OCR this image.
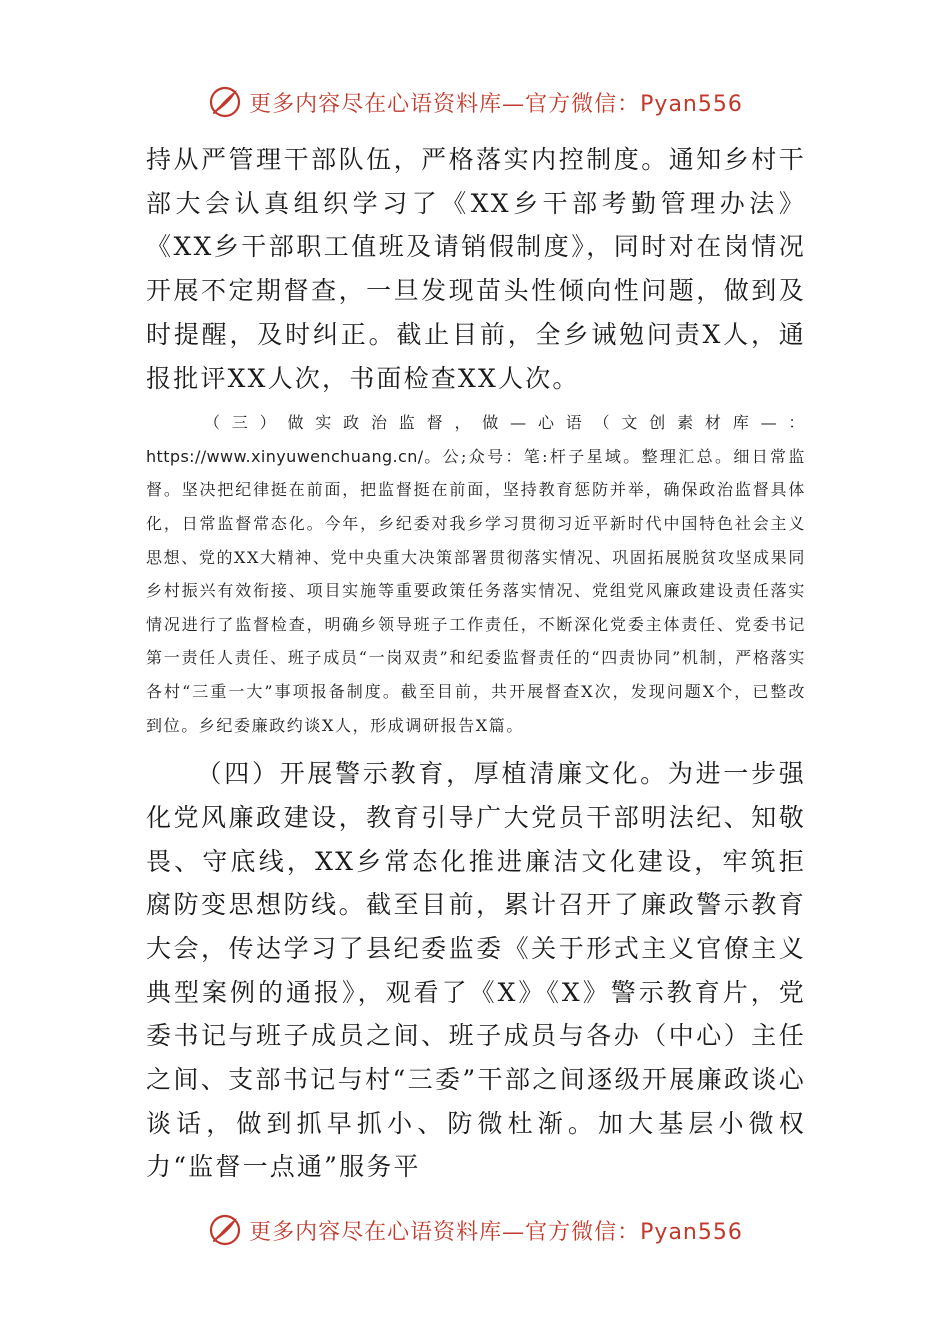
更多内容尽在心语资料库—官方微信：Pyan556

持从严管理干部队伍，严格落实内控制度。通知乡村干部大会认真组织学习了《XX乡干部考勤管理办法》《XX乡干部职工值班及请销假制度》，同时对在岗情况开展不定期督查，一旦发现苗头性倾向性问题，做到及时提醒，及时纠正。截止目前，全乡诫勉问责X人，通报批评XX人次，书面检查XX人次。

（三）做实政治监督，做—心语（文创素材库—：https://www.xinyuwenchuang.cn/。公;众号：笔:杆子星域。整理汇总。细日常监督。坚决把纪律挺在前面，把监督挺在前面，坚持教育惩防并举，确保政治监督具体化，日常监督常态化。今年，乡纪委对我乡学习贯彻习近平新时代中国特色社会主义思想、党的XX大精神、党中央重大决策部署贯彻落实情况、巩固拓展脱贫攻坚成果同乡村振兴有效衔接、项目实施等重要政策任务落实情况、党组党风廉政建设责任落实情况进行了监督检查，明确乡领导班子工作责任，不断深化党委主体责任、党委书记第一责任人责任、班子成员“一岗双责”和纪委监督责任的“四责协同”机制，严格落实各村“三重一大”事项报备制度。截至目前，共开展督查X次，发现问题X个，已整改到位。乡纪委廉政约谈X人，形成调研报告X篇。

（四）开展警示教育，厚植清廉文化。为进一步强化党风廉政建设，教育引导广大党员干部明法纪、知敬畏、守底线，XX乡常态化推进廉洁文化建设，牢筑拒腐防变思想防线。截至目前，累计召开了廉政警示教育大会，传达学习了县纪委监委《关于形式主义官僚主义典型案例的通报》，观看了《X》《X》警示教育片，党委书记与班子成员之间、班子成员与各办（中心）主任之间、支部书记与村“三委”干部之间逐级开展廉政谈心谈话，做到抓早抓小、防微杜渐。加大基层小微权力“监督一点通”服务平

更多内容尽在心语资料库—官方微信：Pyan556
